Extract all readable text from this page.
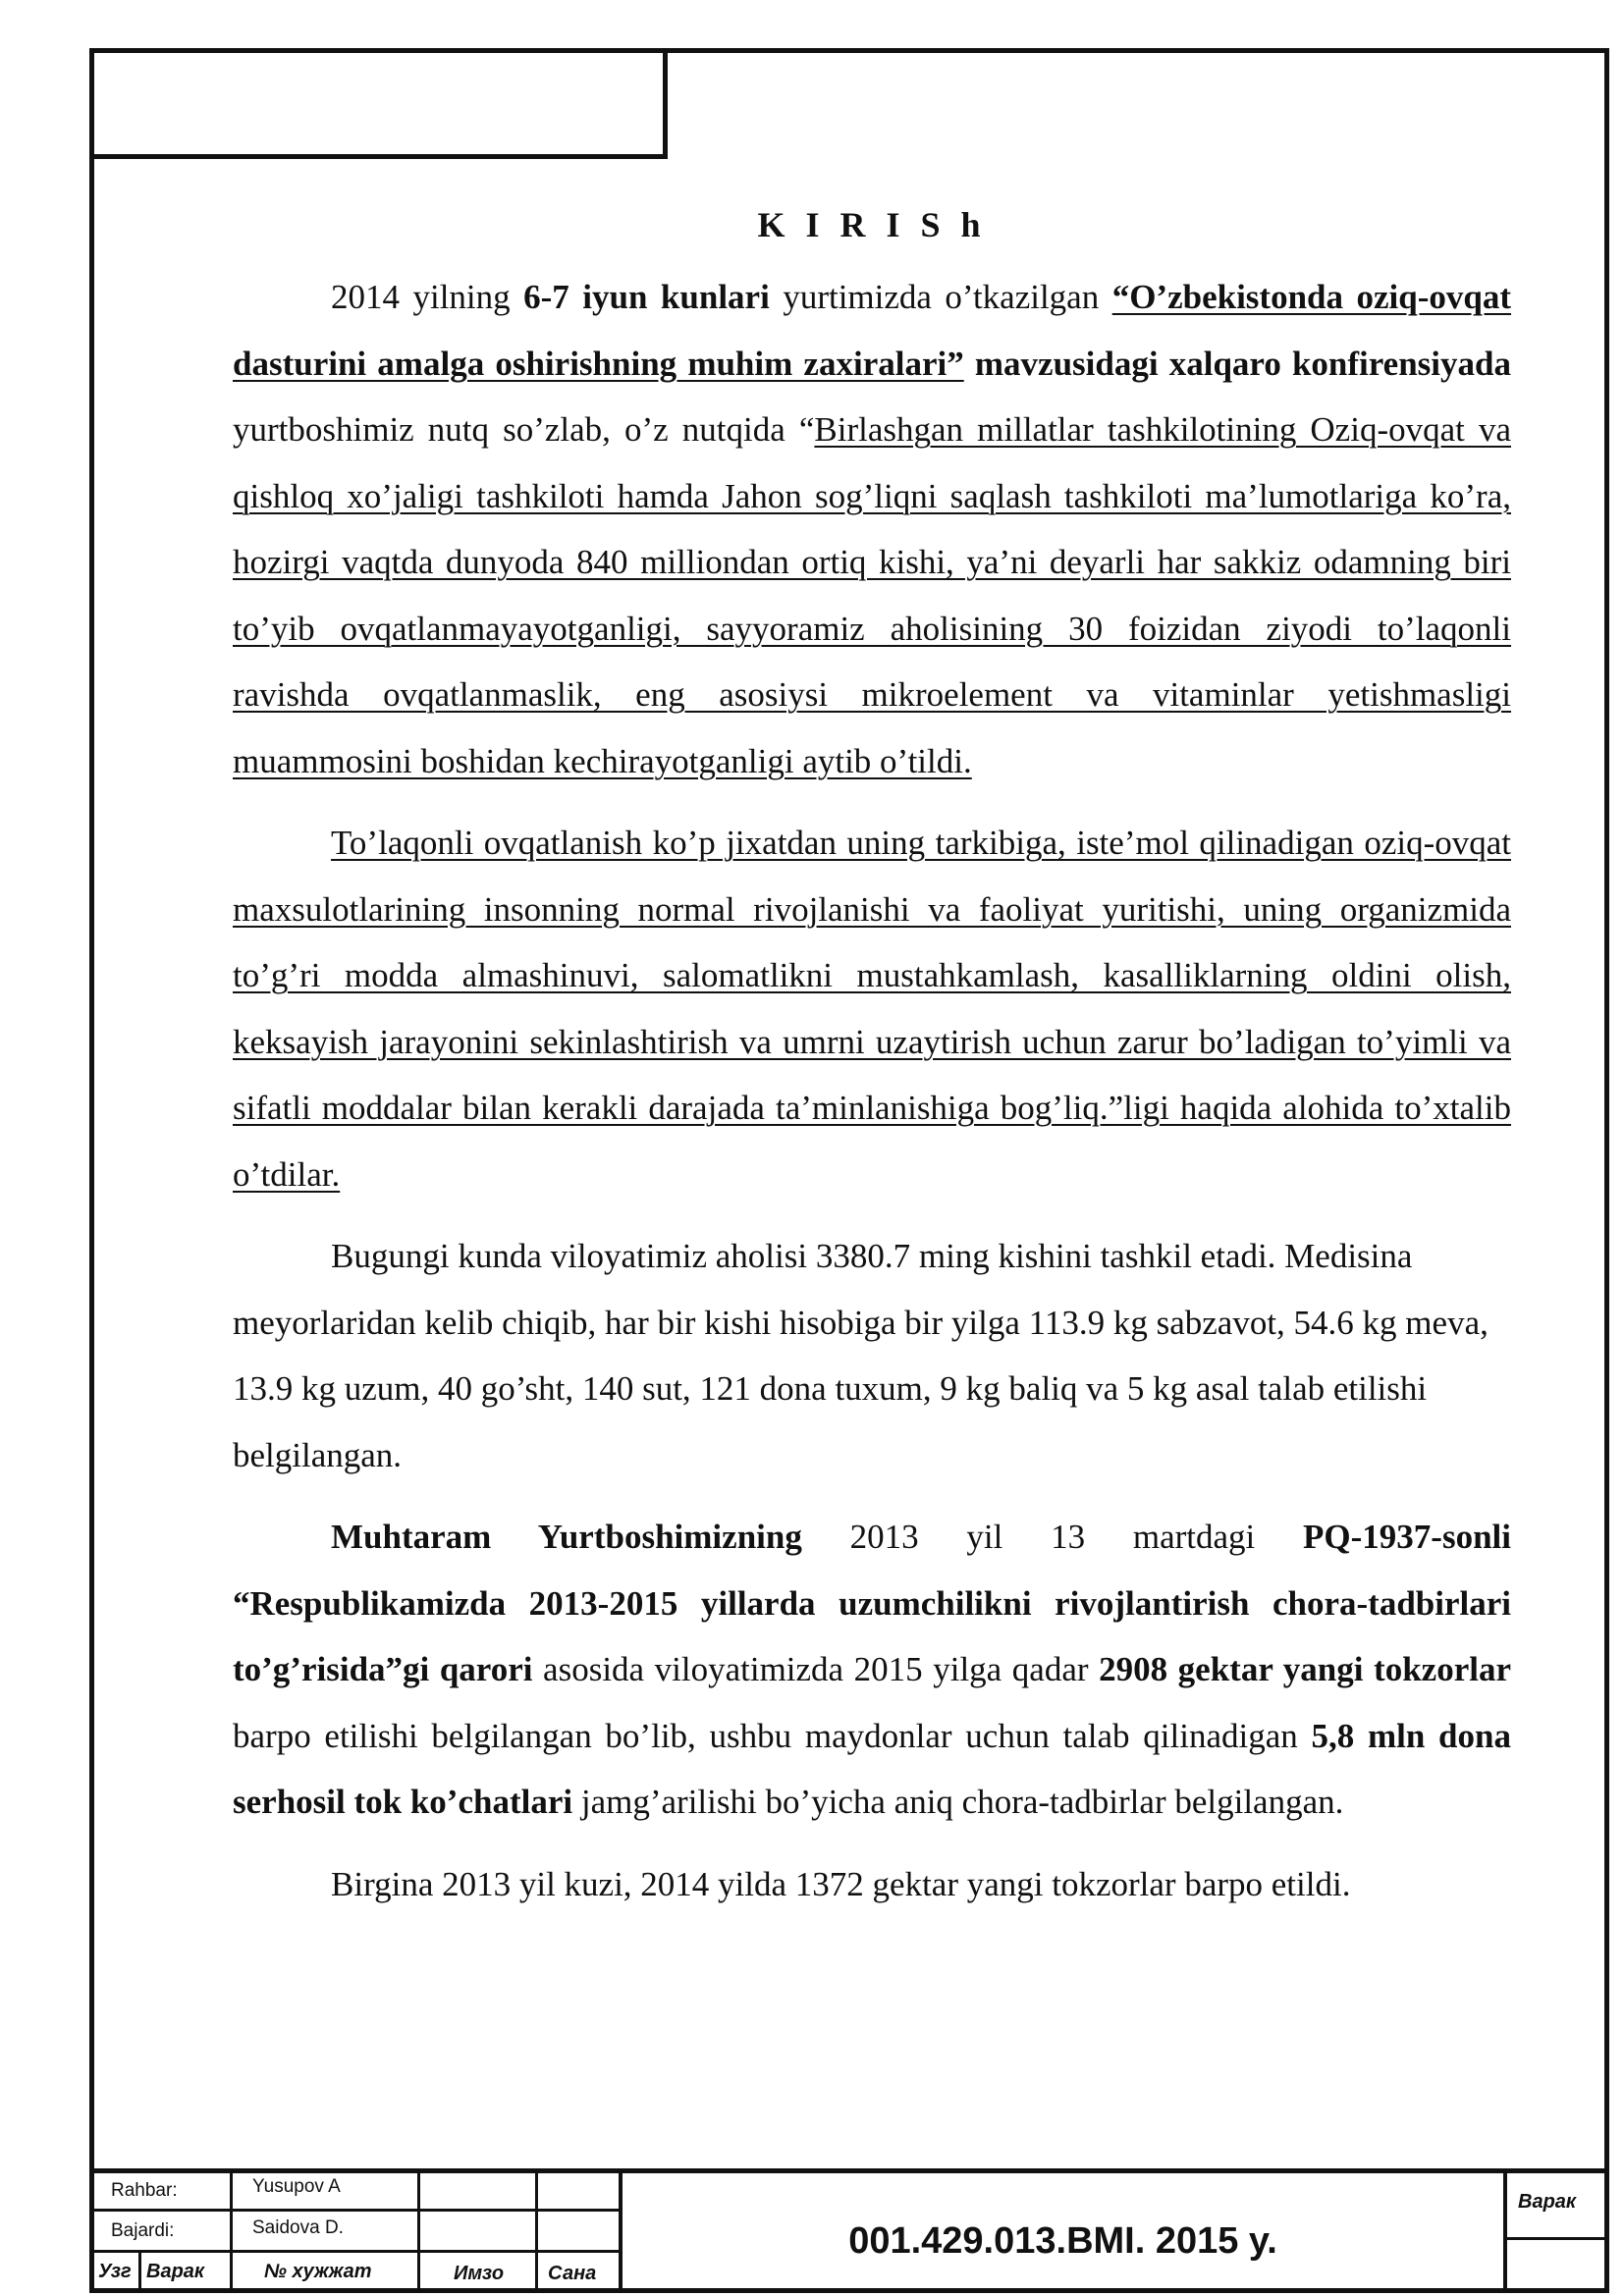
K I R I S h

2014 yilning 6-7 iyun kunlari yurtimizda o’tkazilgan “O’zbekistonda oziq-ovqat dasturini amalga oshirishning muhim zaxiralari” mavzusidagi xalqaro konfirensiyada yurtboshimiz nutq so’zlab, o’z nutqida “Birlashgan millatlar tashkilotining Oziq-ovqat va qishloq xo’jaligi tashkiloti hamda Jahon sog’liqni saqlash tashkiloti ma’lumotlariga ko’ra, hozirgi vaqtda dunyoda 840 milliondan ortiq kishi, ya’ni deyarli har sakkiz odamning biri to’yib ovqatlanmayayotganligi, sayyoramiz aholisining 30 foizidan ziyodi to’laqonli ravishda ovqatlanmaslik, eng asosiysi mikroelement va vitaminlar yetishmasligi muammosini boshidan kechirayotganligi aytib o’tildi.

To’laqonli ovqatlanish ko’p jixatdan uning tarkibiga, iste’mol qilinadigan oziq-ovqat maxsulotlarining insonning normal rivojlanishi va faoliyat yuritishi, uning organizmida to’g’ri modda almashinuvi, salomatlikni mustahkamlash, kasalliklarning oldini olish, keksayish jarayonini sekinlashtirish va umrni uzaytirish uchun zarur bo’ladigan to’yimli va sifatli moddalar bilan kerakli darajada ta’minlanishiga bog’liq.”ligi haqida alohida to’xtalib o’tdilar.

Bugungi kunda viloyatimiz aholisi 3380.7 ming kishini tashkil etadi. Medisina meyorlaridan kelib chiqib, har bir kishi hisobiga bir yilga 113.9 kg sabzavot, 54.6 kg meva, 13.9 kg uzum, 40 go’sht, 140 sut, 121 dona tuxum, 9 kg baliq va 5 kg asal talab etilishi belgilangan.

Muhtaram Yurtboshimizning 2013 yil 13 martdagi PQ-1937-sonli “Respublikamizda 2013-2015 yillarda uzumchilikni rivojlantirish chora-tadbirlari to’g’risida”gi qarori asosida viloyatimizda 2015 yilga qadar 2908 gektar yangi tokzorlar barpo etilishi belgilangan bo’lib, ushbu maydonlar uchun talab qilinadigan 5,8 mln dona serhosil tok ko’chatlari jamg’arilishi bo’yicha aniq chora-tadbirlar belgilangan.

Birgina 2013 yil kuzi, 2014 yilda 1372 gektar yangi tokzorlar barpo etildi.

Rahbar:	Yusupov A
Bajardi:	Saidova D.
Узг Варак	№ хужжат	Имзо Сана
Варак
001.429.013.BMI. 2015 y.
